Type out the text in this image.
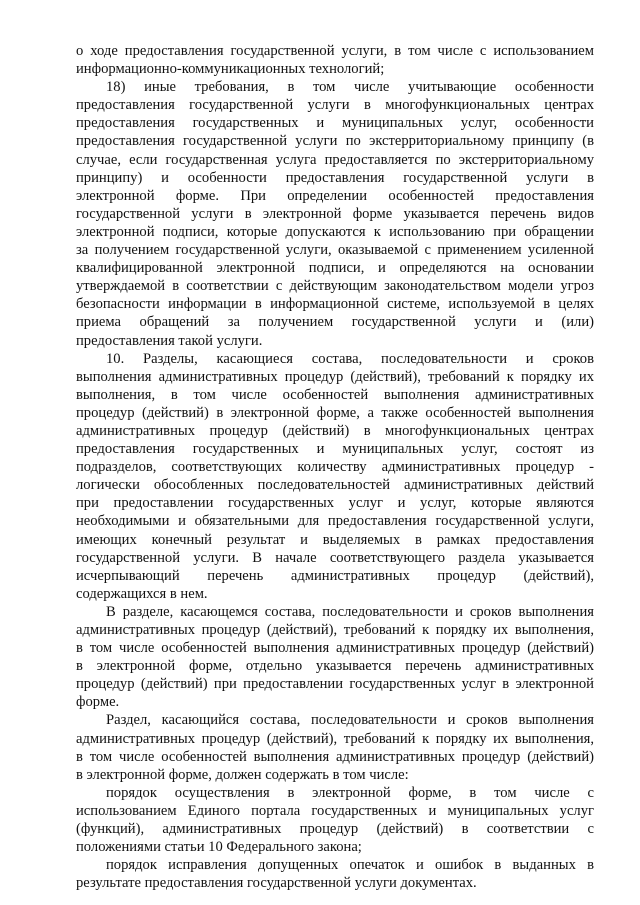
о ходе предоставления государственной услуги, в том числе с использованием
информационно-коммуникационных технологий;
18) иные требования, в том числе учитывающие особенности
предоставления государственной услуги в многофункциональных центрах
предоставления государственных и муниципальных услуг, особенности
предоставления государственной услуги по экстерриториальному принципу (в
случае, если государственная услуга предоставляется по экстерриториальному
принципу) и особенности предоставления государственной услуги в
электронной форме. При определении особенностей предоставления
государственной услуги в электронной форме указывается перечень видов
электронной подписи, которые допускаются к использованию при обращении
за получением государственной услуги, оказываемой с применением усиленной
квалифицированной электронной подписи, и определяются на основании
утверждаемой в соответствии с действующим законодательством модели угроз
безопасности информации в информационной системе, используемой в целях
приема обращений за получением государственной услуги и (или)
предоставления такой услуги.
10. Разделы, касающиеся состава, последовательности и сроков
выполнения административных процедур (действий), требований к порядку их
выполнения, в том числе особенностей выполнения административных
процедур (действий) в электронной форме, а также особенностей выполнения
административных процедур (действий) в многофункциональных центрах
предоставления государственных и муниципальных услуг, состоят из
подразделов, соответствующих количеству административных процедур -
логически обособленных последовательностей административных действий
при предоставлении государственных услуг и услуг, которые являются
необходимыми и обязательными для предоставления государственной услуги,
имеющих конечный результат и выделяемых в рамках предоставления
государственной услуги. В начале соответствующего раздела указывается
исчерпывающий перечень административных процедур (действий),
содержащихся в нем.
В разделе, касающемся состава, последовательности и сроков выполнения
административных процедур (действий), требований к порядку их выполнения,
в том числе особенностей выполнения административных процедур (действий)
в электронной форме, отдельно указывается перечень административных
процедур (действий) при предоставлении государственных услуг в электронной
форме.
Раздел, касающийся состава, последовательности и сроков выполнения
административных процедур (действий), требований к порядку их выполнения,
в том числе особенностей выполнения административных процедур (действий)
в электронной форме, должен содержать в том числе:
порядок осуществления в электронной форме, в том числе с
использованием Единого портала государственных и муниципальных услуг
(функций), административных процедур (действий) в соответствии с
положениями статьи 10 Федерального закона;
порядок исправления допущенных опечаток и ошибок в выданных в
результате предоставления государственной услуги документах.
